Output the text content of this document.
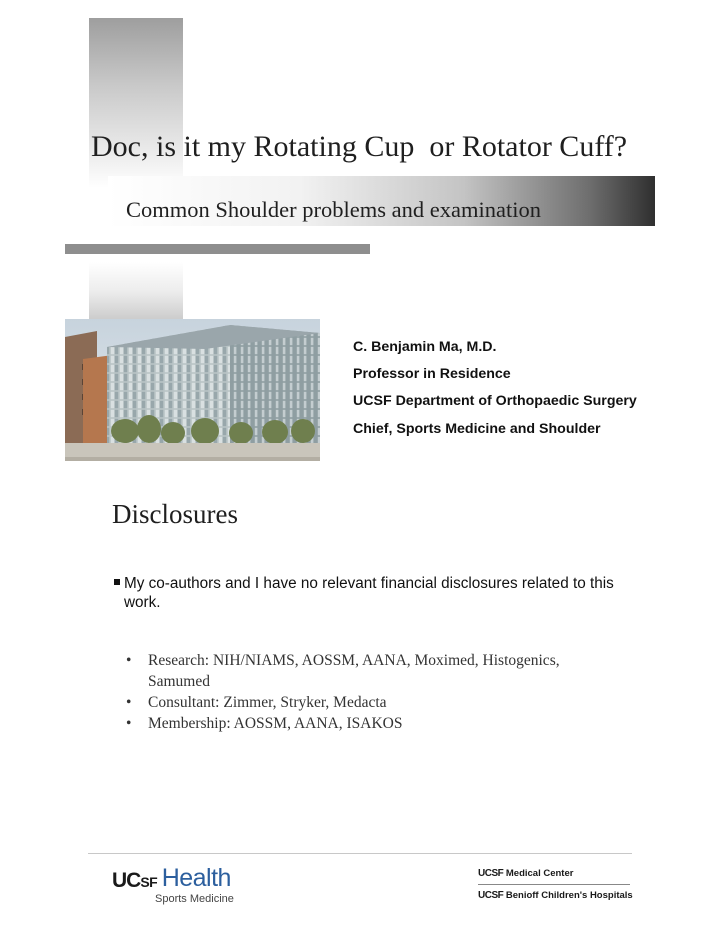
Doc, is it my Rotating Cup  or Rotator Cuff?
Common Shoulder problems and examination

C. Benjamin Ma, M.D.

Professor in Residence

UCSF Department of Orthopaedic Surgery

Chief, Sports Medicine and Shoulder

Disclosures

My co-authors and I have no relevant financial disclosures related to this work.

• Research: NIH/NIAMS, AOSSM, AANA, Moximed, Histogenics, Samumed
• Consultant: Zimmer, Stryker, Medacta
• Membership: AOSSM, AANA, ISAKOS
UCSF Health
Sports Medicine
UCSF Medical Center
UCSF Benioff Children's Hospitals
